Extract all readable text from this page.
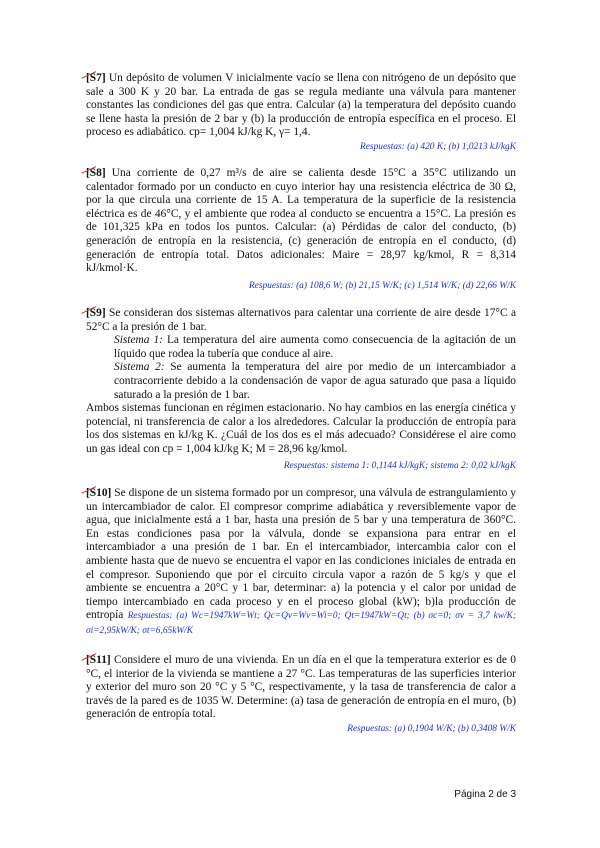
[S7]
Un depósito de volumen V inicialmente vacío se llena con nitrógeno de un depósito que sale a 300 K y 20 bar. La entrada de gas se regula mediante una válvula para mantener constantes las condiciones del gas que entra. Calcular (a) la temperatura del depósito cuando se llene hasta la presión de 2 bar y (b) la producción de entropía específica en el proceso. El proceso es adiabático. cp= 1,004 kJ/kg K, γ= 1,4.
Respuestas: (a) 420 K; (b) 1,0213 kJ/kgK
[S8]
Una corriente de 0,27 m³/s de aire se calienta desde 15°C a 35°C utilizando un calentador formado por un conducto en cuyo interior hay una resistencia eléctrica de 30 Ω, por la que circula una corriente de 15 A. La temperatura de la superficie de la resistencia eléctrica es de 46°C, y el ambiente que rodea al conducto se encuentra a 15°C. La presión es de 101,325 kPa en todos los puntos. Calcular: (a) Pérdidas de calor del conducto, (b) generación de entropía en la resistencia, (c) generación de entropía en el conducto, (d) generación de entropía total. Datos adicionales: Maire = 28,97 kg/kmol, R = 8,314 kJ/kmol·K.
Respuestas: (a) 108,6 W; (b) 21,15 W/K; (c) 1,514 W/K; (d) 22,66 W/K
[S9]
Se consideran dos sistemas alternativos para calentar una corriente de aire desde 17°C a 52°C a la presión de 1 bar.
Sistema 1: La temperatura del aire aumenta como consecuencia de la agitación de un líquido que rodea la tubería que conduce al aire.
Sistema 2: Se aumenta la temperatura del aire por medio de un intercambiador a contracorriente debido a la condensación de vapor de agua saturado que pasa a líquido saturado a la presión de 1 bar.
Ambos sistemas funcionan en régimen estacionario. No hay cambios en las energía cinética y potencial, ni transferencia de calor a los alrededores. Calcular la producción de entropía para los dos sistemas en kJ/kg K. ¿Cuál de los dos es el más adecuado? Considérese el aire como un gas ideal con cp = 1,004 kJ/kg K; M = 28,96 kg/kmol.
Respuestas: sistema 1: 0,1144 kJ/kgK; sistema 2: 0,02 kJ/kgK
[S10]
Se dispone de un sistema formado por un compresor, una válvula de estrangulamiento y un intercambiador de calor. El compresor comprime adiabática y reversiblemente vapor de agua, que inicialmente está a 1 bar, hasta una presión de 5 bar y una temperatura de 360°C. En estas condiciones pasa por la válvula, donde se expansiona para entrar en el intercambiador a una presión de 1 bar. En el intercambiador, intercambia calor con el ambiente hasta que de nuevo se encuentra el vapor en las condiciones iniciales de entrada en el compresor. Suponiendo que por el circuito circula vapor a razón de 5 kg/s y que el ambiente se encuentra a 20°C y 1 bar, determinar: a) la potencia y el calor por unidad de tiempo intercambiado en cada proceso y en el proceso global (kW); b)la producción de entropía Respuestas: (a) Wc=1947kW=Wt; Qc=Qv=Wv=Wi=0; Qt=1947kW=Qt; (b) σc=0; σv = 3,7 kw/K; σi=2,95kW/K; σt=6,65kW/K
[S11]
Considere el muro de una vivienda. En un día en el que la temperatura exterior es de 0 °C, el interior de la vivienda se mantiene a 27 °C. Las temperaturas de las superficies interior y exterior del muro son 20 °C y 5 °C, respectivamente, y la tasa de transferencia de calor a través de la pared es de 1035 W. Determine: (a) tasa de generación de entropía en el muro, (b) generación de entropía total.
Respuestas: (a) 0,1904 W/K; (b) 0,3408 W/K
Página 2 de 3
